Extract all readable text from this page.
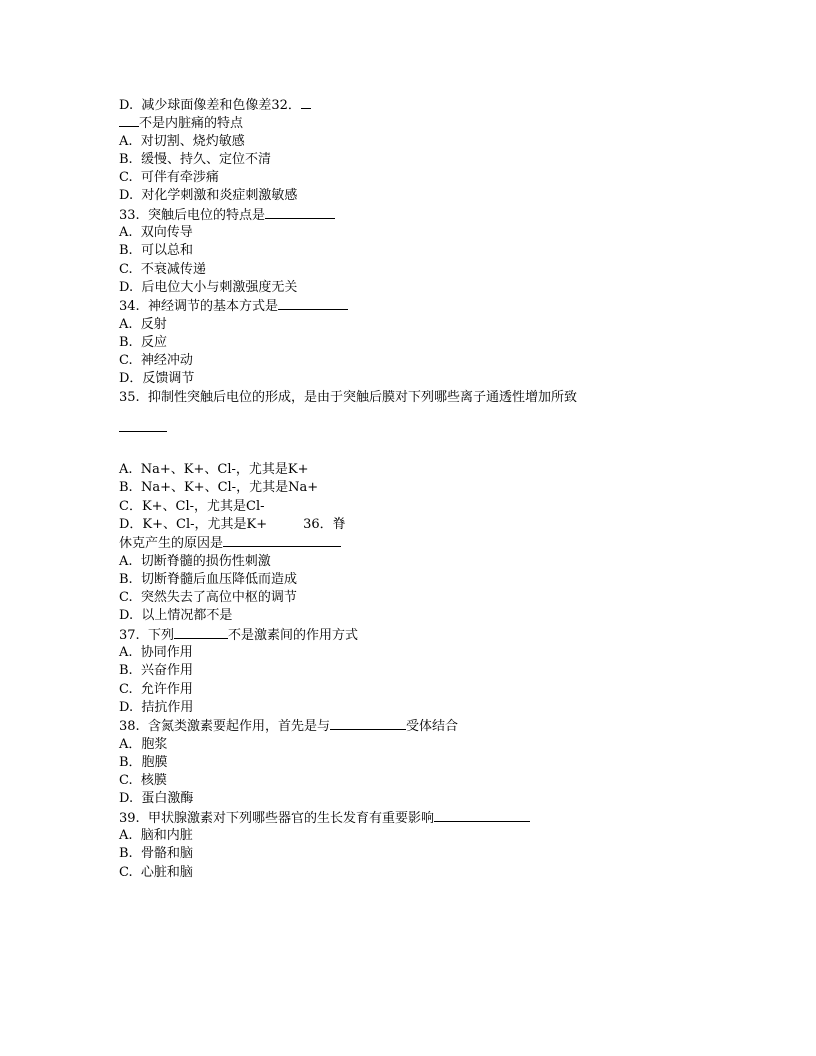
D.  减少球面像差和色像差32．
不是内脏痛的特点
A.  对切割、烧灼敏感
B.  缓慢、持久、定位不清
C.  可伴有牵涉痛
D.  对化学刺激和炎症刺激敏感
33.  突触后电位的特点是
A.  双向传导
B.  可以总和
C.  不衰减传递
D.  后电位大小与刺激强度无关
34.  神经调节的基本方式是
A.  反射
B.  反应
C.  神经冲动
D．反馈调节
35.  抑制性突触后电位的形成，是由于突触后膜对下列哪些离子通透性增加所致
A.  Na+、K+、Cl-，尤其是K+
B.  Na+、K+、Cl-，尤其是Na+
C．K+、Cl-，尤其是Cl-
D．K+、Cl-，尤其是K+	36．脊
休克产生的原因是
A.  切断脊髓的损伤性刺激
B.  切断脊髓后血压降低而造成
C.  突然失去了高位中枢的调节
D.  以上情况都不是
37.  下列	不是激素间的作用方式
A.  协同作用
B.  兴奋作用
C.  允许作用
D.  拮抗作用
38.  含氮类激素要起作用，首先是与	受体结合
A．胞浆
B．胞膜
C.  核膜
D.  蛋白激酶
39.  甲状腺激素对下列哪些器官的生长发育有重要影响
A.  脑和内脏
B.  骨骼和脑
C.  心脏和脑
